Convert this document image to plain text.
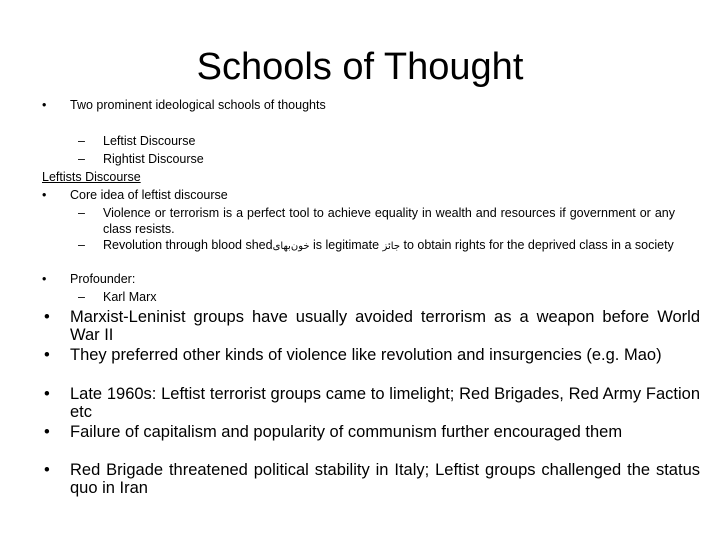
Schools of Thought
• Two prominent ideological schools of thoughts
– Leftist Discourse
– Rightist Discourse
Leftists Discourse
• Core idea of leftist discourse
– Violence or terrorism is a perfect tool to achieve equality in wealth and resources if government or any class resists.
– Revolution through blood shedخون‌بهای is legitimate جائز to obtain rights for the deprived class in a society
• Profounder:
– Karl Marx
• Marxist-Leninist groups have usually avoided terrorism as a weapon before World War II
• They preferred other kinds of violence like revolution and insurgencies (e.g. Mao)
• Late 1960s: Leftist terrorist groups came to limelight; Red Brigades, Red Army Faction etc
• Failure of capitalism and popularity of communism further encouraged them
• Red Brigade threatened political stability in Italy; Leftist groups challenged the status quo in Iran
